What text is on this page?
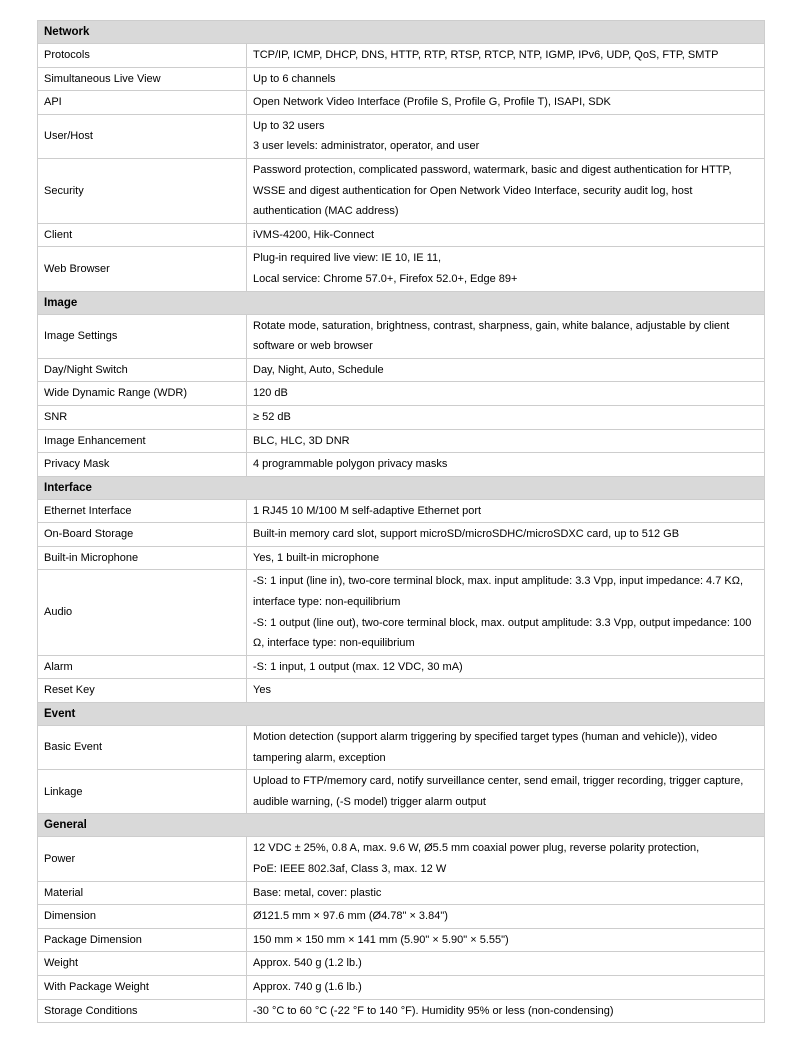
Network	
Protocols	TCP/IP, ICMP, DHCP, DNS, HTTP, RTP, RTSP, RTCP, NTP, IGMP, IPv6, UDP, QoS, FTP, SMTP

Simultaneous Live View	Up to 6 channels

API	Open Network Video Interface (Profile S, Profile G, Profile T), ISAPI, SDK

User/Host	Up to 32 users
3 user levels: administrator, operator, and user

Security	Password protection, complicated password, watermark, basic and digest authentication for HTTP, WSSE and digest authentication for Open Network Video Interface, security audit log, host authentication (MAC address)

Client	iVMS-4200, Hik-Connect

Web Browser	Plug-in required live view: IE 10, IE 11,
Local service: Chrome 57.0+, Firefox 52.0+, Edge 89+

Image	
Image Settings	Rotate mode, saturation, brightness, contrast, sharpness, gain, white balance, adjustable by client software or web browser

Day/Night Switch	Day, Night, Auto, Schedule

Wide Dynamic Range (WDR)	120 dB

SNR	≥ 52 dB

Image Enhancement	BLC, HLC, 3D DNR

Privacy Mask	4 programmable polygon privacy masks

Interface	
Ethernet Interface	1 RJ45 10 M/100 M self-adaptive Ethernet port

On-Board Storage	Built-in memory card slot, support microSD/microSDHC/microSDXC card, up to 512 GB

Built-in Microphone	Yes, 1 built-in microphone

Audio	-S: 1 input (line in), two-core terminal block, max. input amplitude: 3.3 Vpp, input impedance: 4.7 KΩ, interface type: non-equilibrium
-S: 1 output (line out), two-core terminal block, max. output amplitude: 3.3 Vpp, output impedance: 100 Ω, interface type: non-equilibrium

Alarm	-S: 1 input, 1 output (max. 12 VDC, 30 mA)

Reset Key	Yes

Event	
Basic Event	Motion detection (support alarm triggering by specified target types (human and vehicle)), video tampering alarm, exception

Linkage	Upload to FTP/memory card, notify surveillance center, send email, trigger recording, trigger capture, audible warning, (-S model) trigger alarm output

General	
Power	12 VDC ± 25%, 0.8 A, max. 9.6 W, Ø5.5 mm coaxial power plug, reverse polarity protection,
PoE: IEEE 802.3af, Class 3, max. 12 W

Material	Base: metal, cover: plastic

Dimension	Ø121.5 mm × 97.6 mm (Ø4.78" × 3.84")

Package Dimension	150 mm × 150 mm × 141 mm (5.90" × 5.90" × 5.55")

Weight	Approx. 540 g (1.2 lb.)

With Package Weight	Approx. 740 g (1.6 lb.)

Storage Conditions	-30 °C to 60 °C (-22 °F to 140 °F). Humidity 95% or less (non-condensing)
